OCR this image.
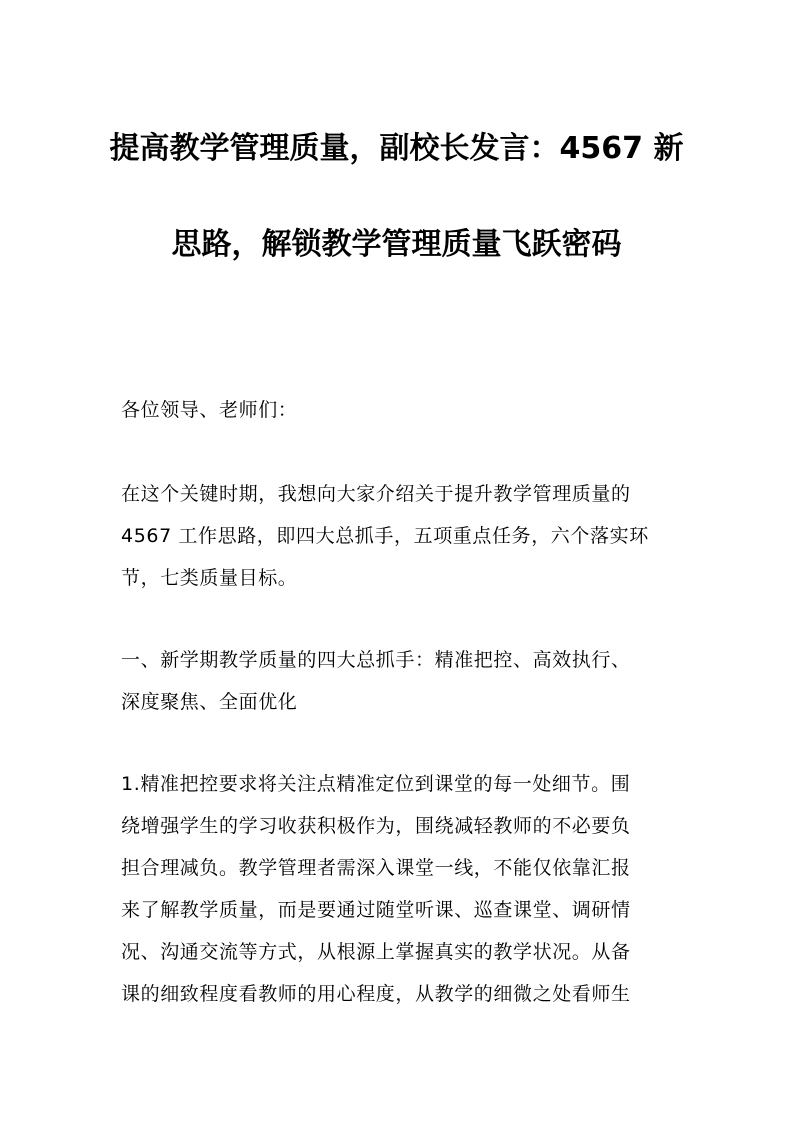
提高教学管理质量，副校长发言：4567 新
思路，解锁教学管理质量飞跃密码
各位领导、老师们：
在这个关键时期，我想向大家介绍关于提升教学管理质量的
4567 工作思路，即四大总抓手，五项重点任务，六个落实环
节，七类质量目标。
一、新学期教学质量的四大总抓手：精准把控、高效执行、
深度聚焦、全面优化
1.精准把控要求将关注点精准定位到课堂的每一处细节。围
绕增强学生的学习收获积极作为，围绕减轻教师的不必要负
担合理减负。教学管理者需深入课堂一线，不能仅依靠汇报
来了解教学质量，而是要通过随堂听课、巡查课堂、调研情
况、沟通交流等方式，从根源上掌握真实的教学状况。从备
课的细致程度看教师的用心程度，从教学的细微之处看师生
